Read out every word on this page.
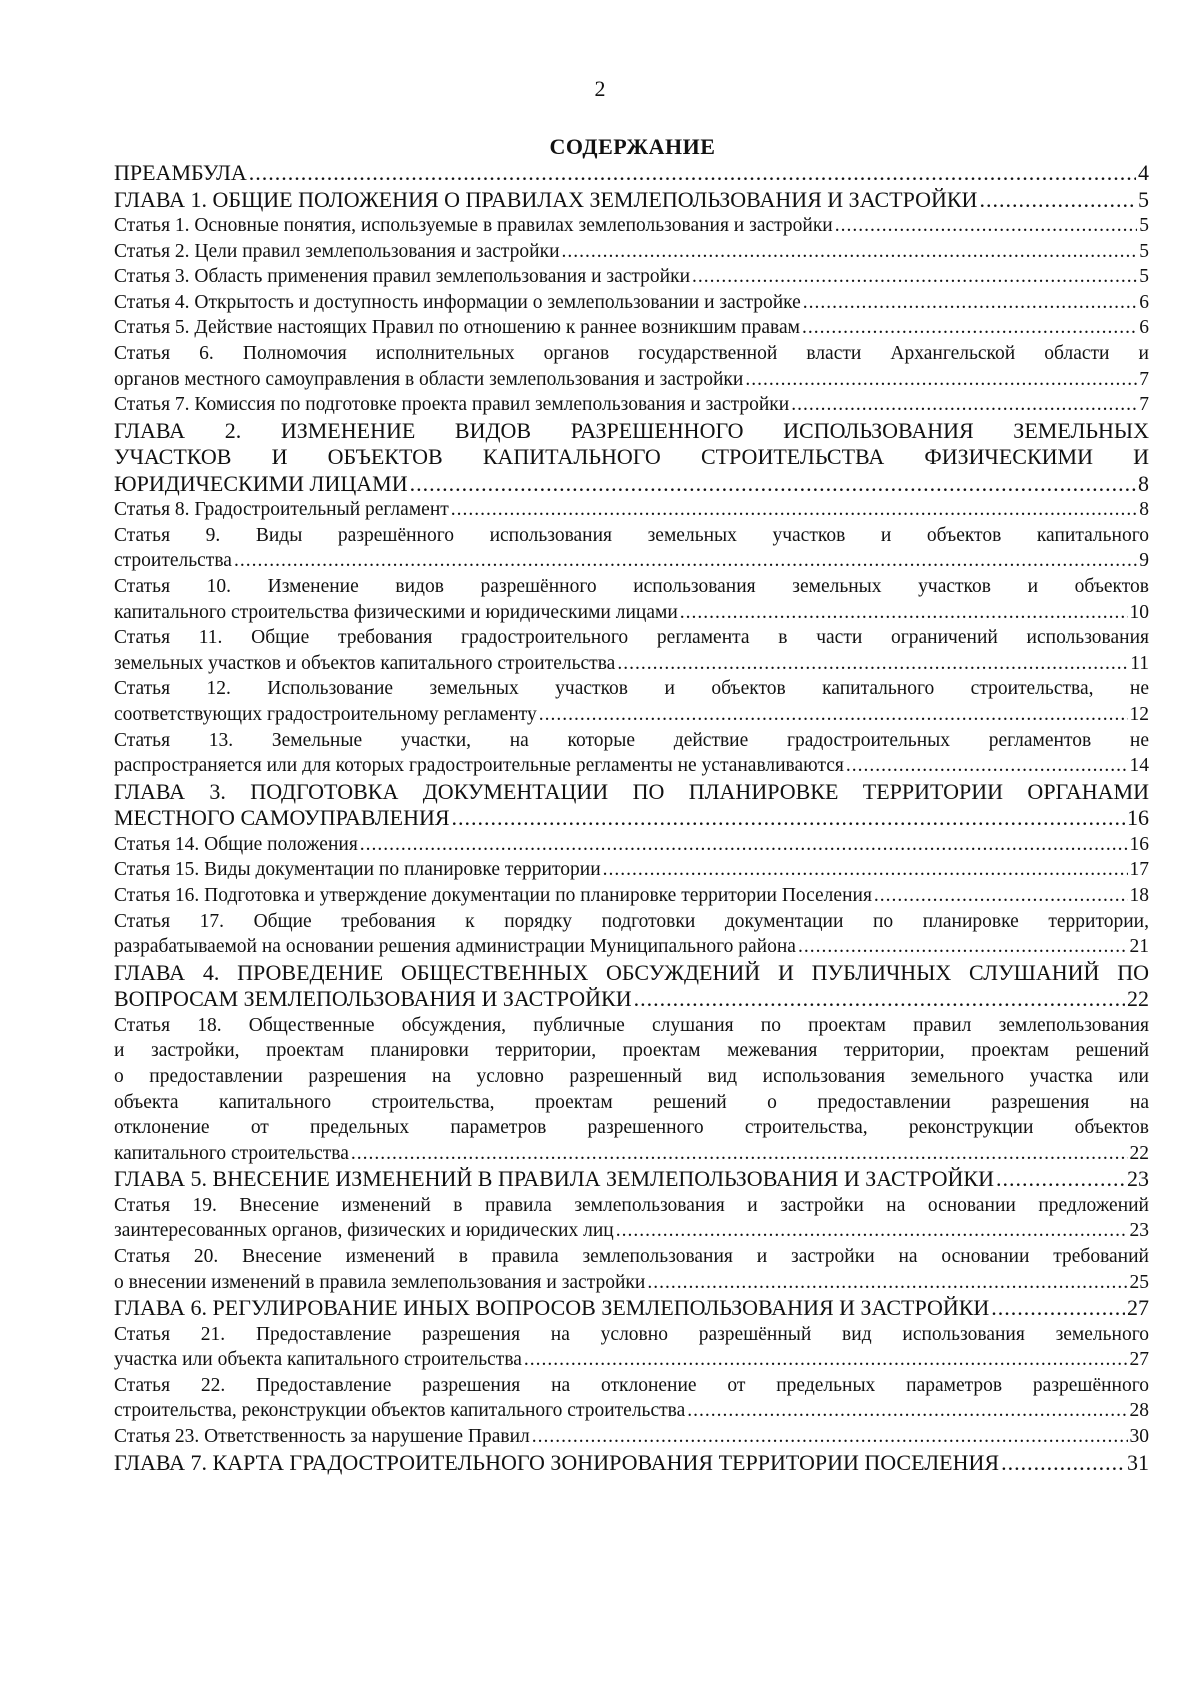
2
СОДЕРЖАНИЕ
ПРЕАМБУЛА .....	4
ГЛАВА 1. ОБЩИЕ ПОЛОЖЕНИЯ О ПРАВИЛАХ ЗЕМЛЕПОЛЬЗОВАНИЯ И ЗАСТРОЙКИ .....	5
Статья 1. Основные понятия, используемые в правилах землепользования и застройки .....	5
Статья 2. Цели правил землепользования и застройки .....	5
Статья 3. Область применения правил землепользования и застройки .....	5
Статья 4. Открытость и доступность информации о землепользовании и застройке .....	6
Статья 5. Действие настоящих Правил по отношению к раннее возникшим правам .....	6
Статья 6. Полномочия исполнительных органов государственной власти Архангельской области и
органов местного самоуправления в области землепользования и застройки .....	7
Статья 7. Комиссия по подготовке проекта правил землепользования и застройки .....	7
ГЛАВА 2. ИЗМЕНЕНИЕ ВИДОВ РАЗРЕШЕННОГО ИСПОЛЬЗОВАНИЯ ЗЕМЕЛЬНЫХ
УЧАСТКОВ И ОБЪЕКТОВ КАПИТАЛЬНОГО СТРОИТЕЛЬСТВА ФИЗИЧЕСКИМИ И
ЮРИДИЧЕСКИМИ ЛИЦАМИ .....	8
Статья 8. Градостроительный регламент .....	8
Статья 9. Виды разрешённого использования земельных участков и объектов капитального
строительства .....	9
Статья 10. Изменение видов разрешённого использования земельных участков и объектов
капитального строительства физическими и юридическими лицами .....	10
Статья 11. Общие требования градостроительного регламента в части ограничений использования
земельных участков и объектов капитального строительства .....	11
Статья 12. Использование земельных участков и объектов капитального строительства, не
соответствующих градостроительному регламенту .....	12
Статья 13. Земельные участки, на которые действие градостроительных регламентов не
распространяется или для которых градостроительные регламенты не устанавливаются .....	14
ГЛАВА 3. ПОДГОТОВКА ДОКУМЕНТАЦИИ ПО ПЛАНИРОВКЕ ТЕРРИТОРИИ ОРГАНАМИ
МЕСТНОГО САМОУПРАВЛЕНИЯ .....	16
Статья 14. Общие положения .....	16
Статья 15. Виды документации по планировке территории .....	17
Статья 16. Подготовка и утверждение документации по планировке территории Поселения .....	18
Статья 17. Общие требования к порядку подготовки документации по планировке территории,
разрабатываемой на основании решения администрации Муниципального района .....	21
ГЛАВА 4. ПРОВЕДЕНИЕ ОБЩЕСТВЕННЫХ ОБСУЖДЕНИЙ И ПУБЛИЧНЫХ СЛУШАНИЙ ПО
ВОПРОСАМ ЗЕМЛЕПОЛЬЗОВАНИЯ И ЗАСТРОЙКИ .....	22
Статья 18. Общественные обсуждения, публичные слушания по проектам правил землепользования
и застройки, проектам планировки территории, проектам межевания территории, проектам решений
о предоставлении разрешения на условно разрешенный вид использования земельного участка или
объекта капитального строительства, проектам решений о предоставлении разрешения на
отклонение от предельных параметров разрешенного строительства, реконструкции объектов
капитального строительства .....	22
ГЛАВА 5. ВНЕСЕНИЕ ИЗМЕНЕНИЙ В ПРАВИЛА ЗЕМЛЕПОЛЬЗОВАНИЯ И ЗАСТРОЙКИ .....	23
Статья 19. Внесение изменений в правила землепользования и застройки на основании предложений
заинтересованных органов, физических и юридических лиц .....	23
Статья 20. Внесение изменений в правила землепользования и застройки на основании требований
о внесении изменений в правила землепользования и застройки .....	25
ГЛАВА 6. РЕГУЛИРОВАНИЕ ИНЫХ ВОПРОСОВ ЗЕМЛЕПОЛЬЗОВАНИЯ И ЗАСТРОЙКИ .....	27
Статья 21. Предоставление разрешения на условно разрешённый вид использования земельного
участка или объекта капитального строительства .....	27
Статья 22. Предоставление разрешения на отклонение от предельных параметров разрешённого
строительства, реконструкции объектов капитального строительства .....	28
Статья 23. Ответственность за нарушение Правил .....	30
ГЛАВА 7. КАРТА ГРАДОСТРОИТЕЛЬНОГО ЗОНИРОВАНИЯ ТЕРРИТОРИИ ПОСЕЛЕНИЯ .....	31
